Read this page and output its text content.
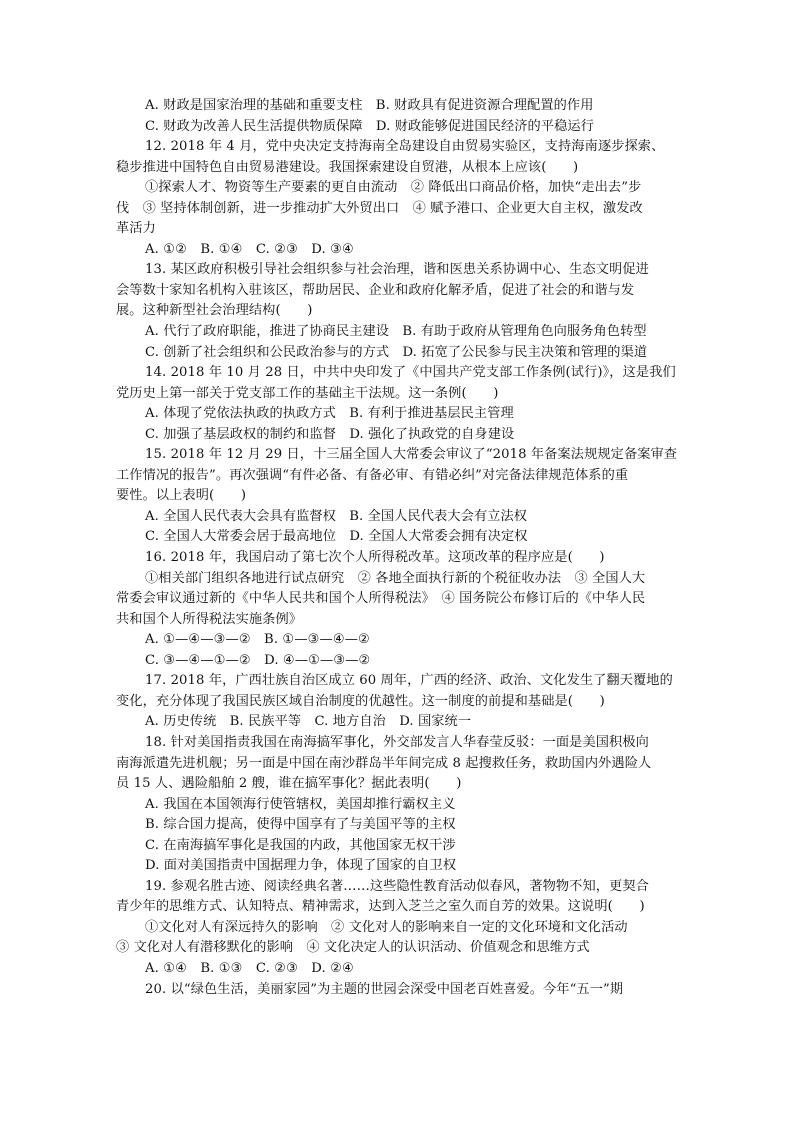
A. 财政是国家治理的基础和重要支柱　B. 财政具有促进资源合理配置的作用
C. 财政为改善人民生活提供物质保障　D. 财政能够促进国民经济的平稳运行
12. 2018 年 4 月，党中央决定支持海南全岛建设自由贸易实验区，支持海南逐步探索、
稳步推进中国特色自由贸易港建设。我国探索建设自贸港，从根本上应该(　　)
①探索人才、物资等生产要素的更自由流动　② 降低出口商品价格，加快“走出去”步
伐　③ 坚持体制创新，进一步推动扩大外贸出口　④ 赋予港口、企业更大自主权，激发改
革活力
A. ①②　B. ①④　C. ②③　D. ③④
13. 某区政府积极引导社会组织参与社会治理，谐和医患关系协调中心、生态文明促进
会等数十家知名机构入驻该区，帮助居民、企业和政府化解矛盾，促进了社会的和谐与发
展。这种新型社会治理结构(　　)
A. 代行了政府职能，推进了协商民主建设　B. 有助于政府从管理角色向服务角色转型
C. 创新了社会组织和公民政治参与的方式　D. 拓宽了公民参与民主决策和管理的渠道
14. 2018 年 10 月 28 日，中共中央印发了《中国共产党支部工作条例(试行)》，这是我们
党历史上第一部关于党支部工作的基础主干法规。这一条例(　　)
A. 体现了党依法执政的执政方式　B. 有利于推进基层民主管理
C. 加强了基层政权的制约和监督　D. 强化了执政党的自身建设
15. 2018 年 12 月 29 日，十三届全国人大常委会审议了“2018 年备案法规规定备案审查
工作情况的报告”。再次强调“有件必备、有备必审、有错必纠”对完备法律规范体系的重
要性。以上表明(　　)
A. 全国人民代表大会具有监督权　B. 全国人民代表大会有立法权
C. 全国人大常委会居于最高地位　D. 全国人大常委会拥有决定权
16. 2018 年，我国启动了第七次个人所得税改革。这项改革的程序应是(　　)
①相关部门组织各地进行试点研究　② 各地全面执行新的个税征收办法　③ 全国人大
常委会审议通过新的《中华人民共和国个人所得税法》　④ 国务院公布修订后的《中华人民
共和国个人所得税法实施条例》
A. ①—④—③—②　B. ①—③—④—②
C. ③—④—①—②　D. ④—①—③—②
17. 2018 年，广西壮族自治区成立 60 周年，广西的经济、政治、文化发生了翻天覆地的
变化，充分体现了我国民族区域自治制度的优越性。这一制度的前提和基础是(　　)
A. 历史传统　B. 民族平等　C. 地方自治　D. 国家统一
18. 针对美国指责我国在南海搞军事化，外交部发言人华春莹反驳：一面是美国积极向
南海派遣先进机舰；另一面是中国在南沙群岛半年间完成 8 起搜救任务，救助国内外遇险人
员 15 人、遇险船舶 2 艘，谁在搞军事化？据此表明(　　)
A. 我国在本国领海行使管辖权，美国却推行霸权主义
B. 综合国力提高，使得中国享有了与美国平等的主权
C. 在南海搞军事化是我国的内政，其他国家无权干涉
D. 面对美国指责中国据理力争，体现了国家的自卫权
19. 参观名胜古迹、阅读经典名著……这些隐性教育活动似春风，著物物不知，更契合
青少年的思维方式、认知特点、精神需求，达到入芝兰之室久而自芳的效果。这说明(　　)
①文化对人有深远持久的影响　② 文化对人的影响来自一定的文化环境和文化活动
③ 文化对人有潜移默化的影响　④ 文化决定人的认识活动、价值观念和思维方式
A. ①④　B. ①③　C. ②③　D. ②④
20. 以“绿色生活，美丽家园”为主题的世园会深受中国老百姓喜爱。今年“五一”期
